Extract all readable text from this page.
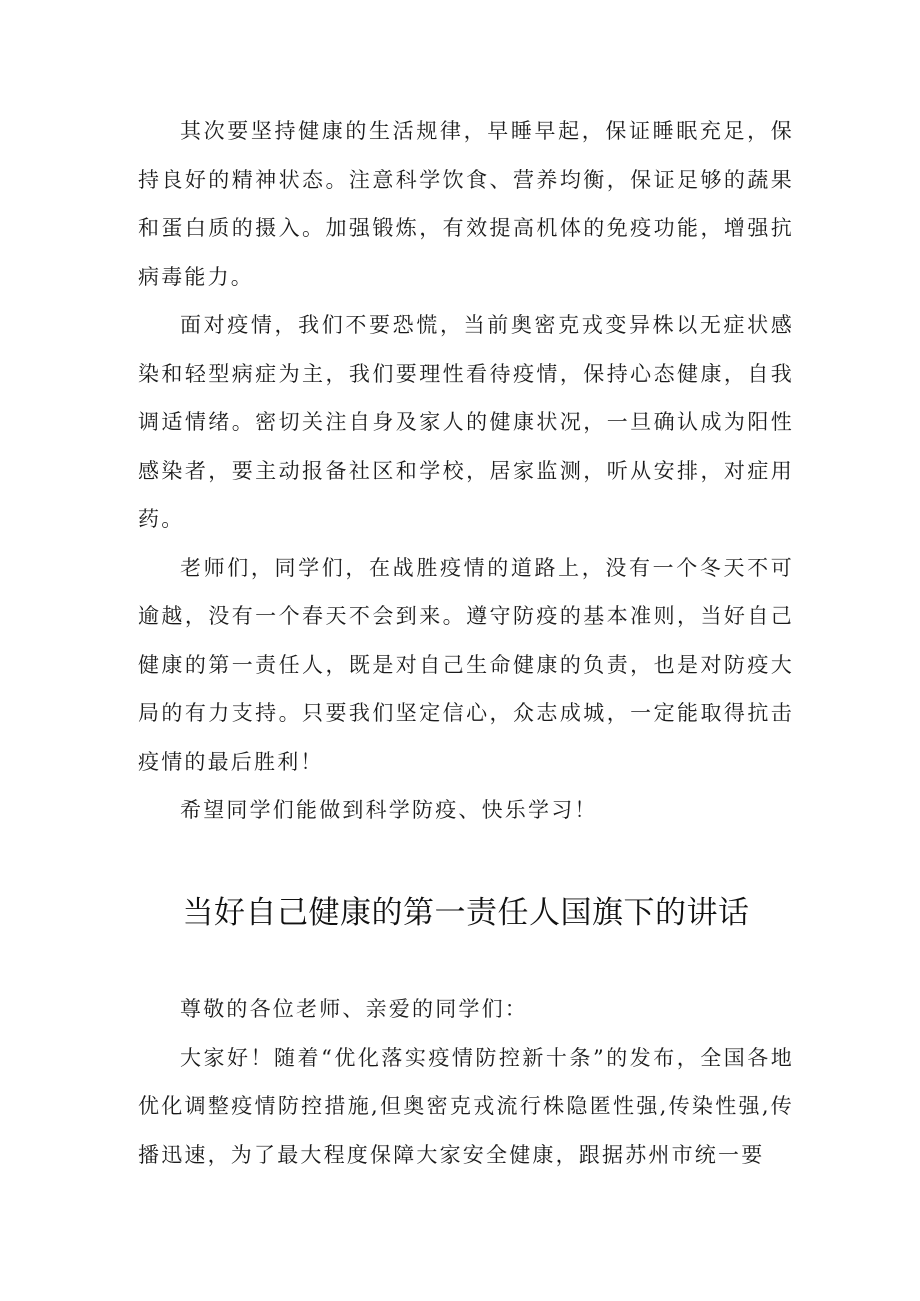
其次要坚持健康的生活规律，早睡早起，保证睡眠充足，保持良好的精神状态。注意科学饮食、营养均衡，保证足够的蔬果和蛋白质的摄入。加强锻炼，有效提高机体的免疫功能，增强抗病毒能力。

面对疫情，我们不要恐慌，当前奥密克戎变异株以无症状感染和轻型病症为主，我们要理性看待疫情，保持心态健康，自我调适情绪。密切关注自身及家人的健康状况，一旦确认成为阳性感染者，要主动报备社区和学校，居家监测，听从安排，对症用药。

老师们，同学们，在战胜疫情的道路上，没有一个冬天不可逾越，没有一个春天不会到来。遵守防疫的基本准则，当好自己健康的第一责任人，既是对自己生命健康的负责，也是对防疫大局的有力支持。只要我们坚定信心，众志成城，一定能取得抗击疫情的最后胜利！

希望同学们能做到科学防疫、快乐学习！

当好自己健康的第一责任人国旗下的讲话

尊敬的各位老师、亲爱的同学们：

大家好！随着“优化落实疫情防控新十条”的发布，全国各地优化调整疫情防控措施,但奥密克戎流行株隐匿性强,传染性强,传播迅速，为了最大程度保障大家安全健康，跟据苏州市统一要
